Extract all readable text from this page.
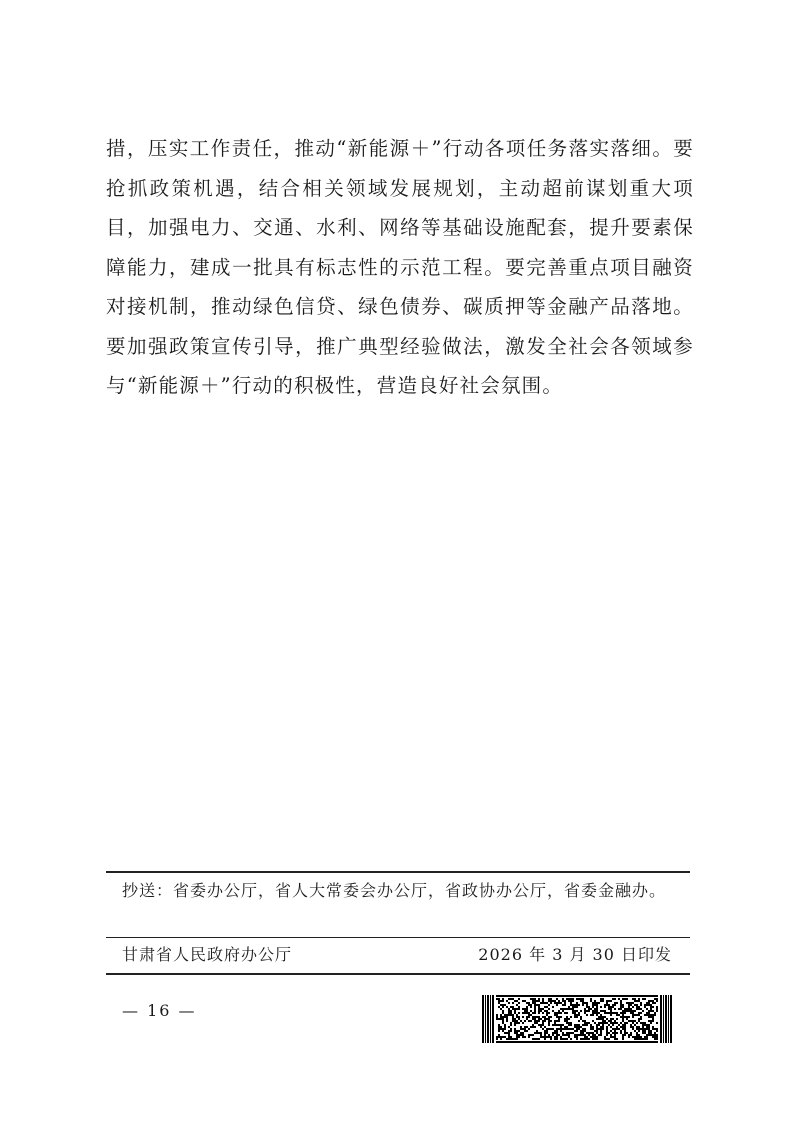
措，压实工作责任，推动“新能源＋”行动各项任务落实落细。要抢抓政策机遇，结合相关领域发展规划，主动超前谋划重大项目，加强电力、交通、水利、网络等基础设施配套，提升要素保障能力，建成一批具有标志性的示范工程。要完善重点项目融资对接机制，推动绿色信贷、绿色债券、碳质押等金融产品落地。要加强政策宣传引导，推广典型经验做法，激发全社会各领域参与“新能源＋”行动的积极性，营造良好社会氛围。

抄送：省委办公厅，省人大常委会办公厅，省政协办公厅，省委金融办。
甘肃省人民政府办公厅	2026 年 3 月 30 日印发
— 16 —
